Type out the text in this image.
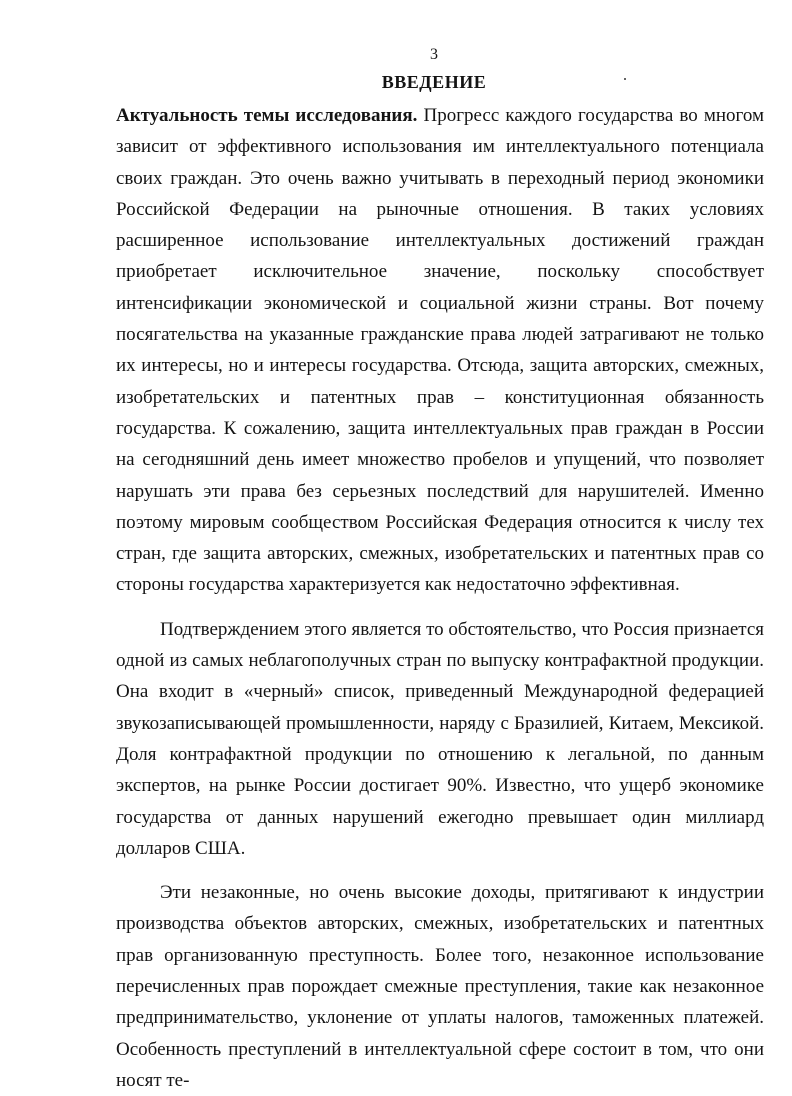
3
ВВЕДЕНИЕ

Актуальность темы исследования. Прогресс каждого государства во многом зависит от эффективного использования им интеллектуального потенциала своих граждан. Это очень важно учитывать в переходный период экономики Российской Федерации на рыночные отношения. В таких условиях расширенное использование интеллектуальных достижений граждан приобретает исключительное значение, поскольку способствует интенсификации экономической и социальной жизни страны. Вот почему посягательства на указанные гражданские права людей затрагивают не только их интересы, но и интересы государства. Отсюда, защита авторских, смежных, изобретательских и патентных прав – конституционная обязанность государства. К сожалению, защита интеллектуальных прав граждан в России на сегодняшний день имеет множество пробелов и упущений, что позволяет нарушать эти права без серьезных последствий для нарушителей. Именно поэтому мировым сообществом Российская Федерация относится к числу тех стран, где защита авторских, смежных, изобретательских и патентных прав со стороны государства характеризуется как недостаточно эффективная.

Подтверждением этого является то обстоятельство, что Россия признается одной из самых неблагополучных стран по выпуску контрафактной продукции. Она входит в «черный» список, приведенный Международной федерацией звукозаписывающей промышленности, наряду с Бразилией, Китаем, Мексикой. Доля контрафактной продукции по отношению к легальной, по данным экспертов, на рынке России достигает 90%. Известно, что ущерб экономике государства от данных нарушений ежегодно превышает один миллиард долларов США.

Эти незаконные, но очень высокие доходы, притягивают к индустрии производства объектов авторских, смежных, изобретательских и патентных прав организованную преступность. Более того, незаконное использование перечисленных прав порождает смежные преступления, такие как незаконное предпринимательство, уклонение от уплаты налогов, таможенных платежей. Особенность преступлений в интеллектуальной сфере состоит в том, что они носят те-
